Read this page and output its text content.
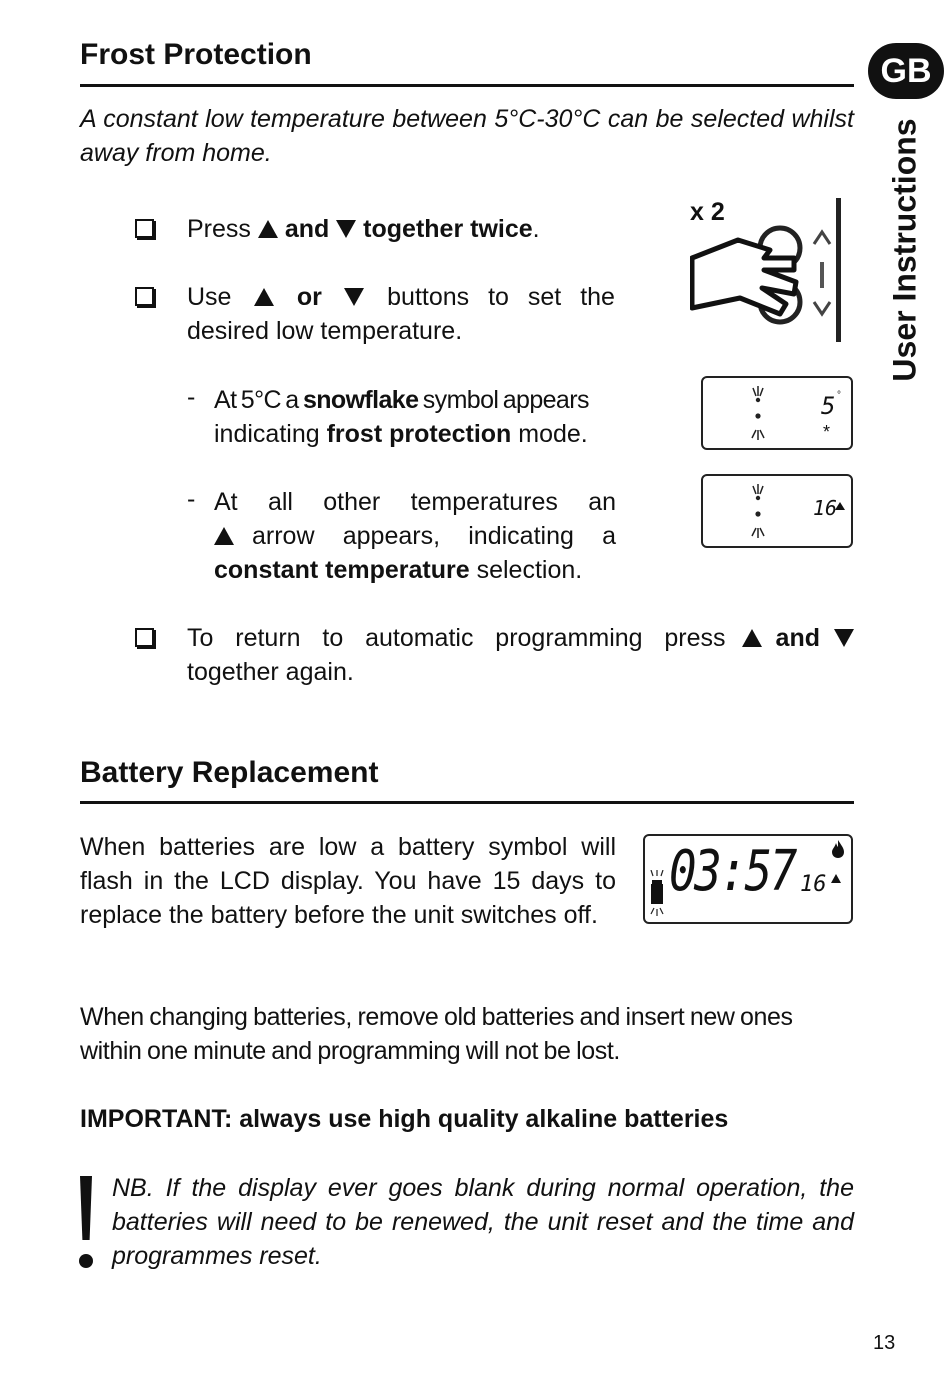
GB
User Instructions
Frost Protection

A constant low temperature between 5°C-30°C can be selected whilst away from home.

Press and together twice.

Use	or	buttons to set the
desired low temperature.

x 2
- At 5°C a snowflake symbol appears
indicating frost protection mode.

5 °
*
- At all other temperatures an
arrow appears, indicating a
constant temperature selection.

16

To return to automatic programming press and
together again.

Battery Replacement

When batteries are low a battery symbol will flash in the LCD display. You have 15 days to replace the battery before the unit switches off.

03:57 16

When changing batteries, remove old batteries and insert new ones within one minute and programming will not be lost.

IMPORTANT: always use high quality alkaline batteries

NB. If the display ever goes blank during normal operation, the batteries will need to be renewed, the unit reset and the time and programmes reset.

13
